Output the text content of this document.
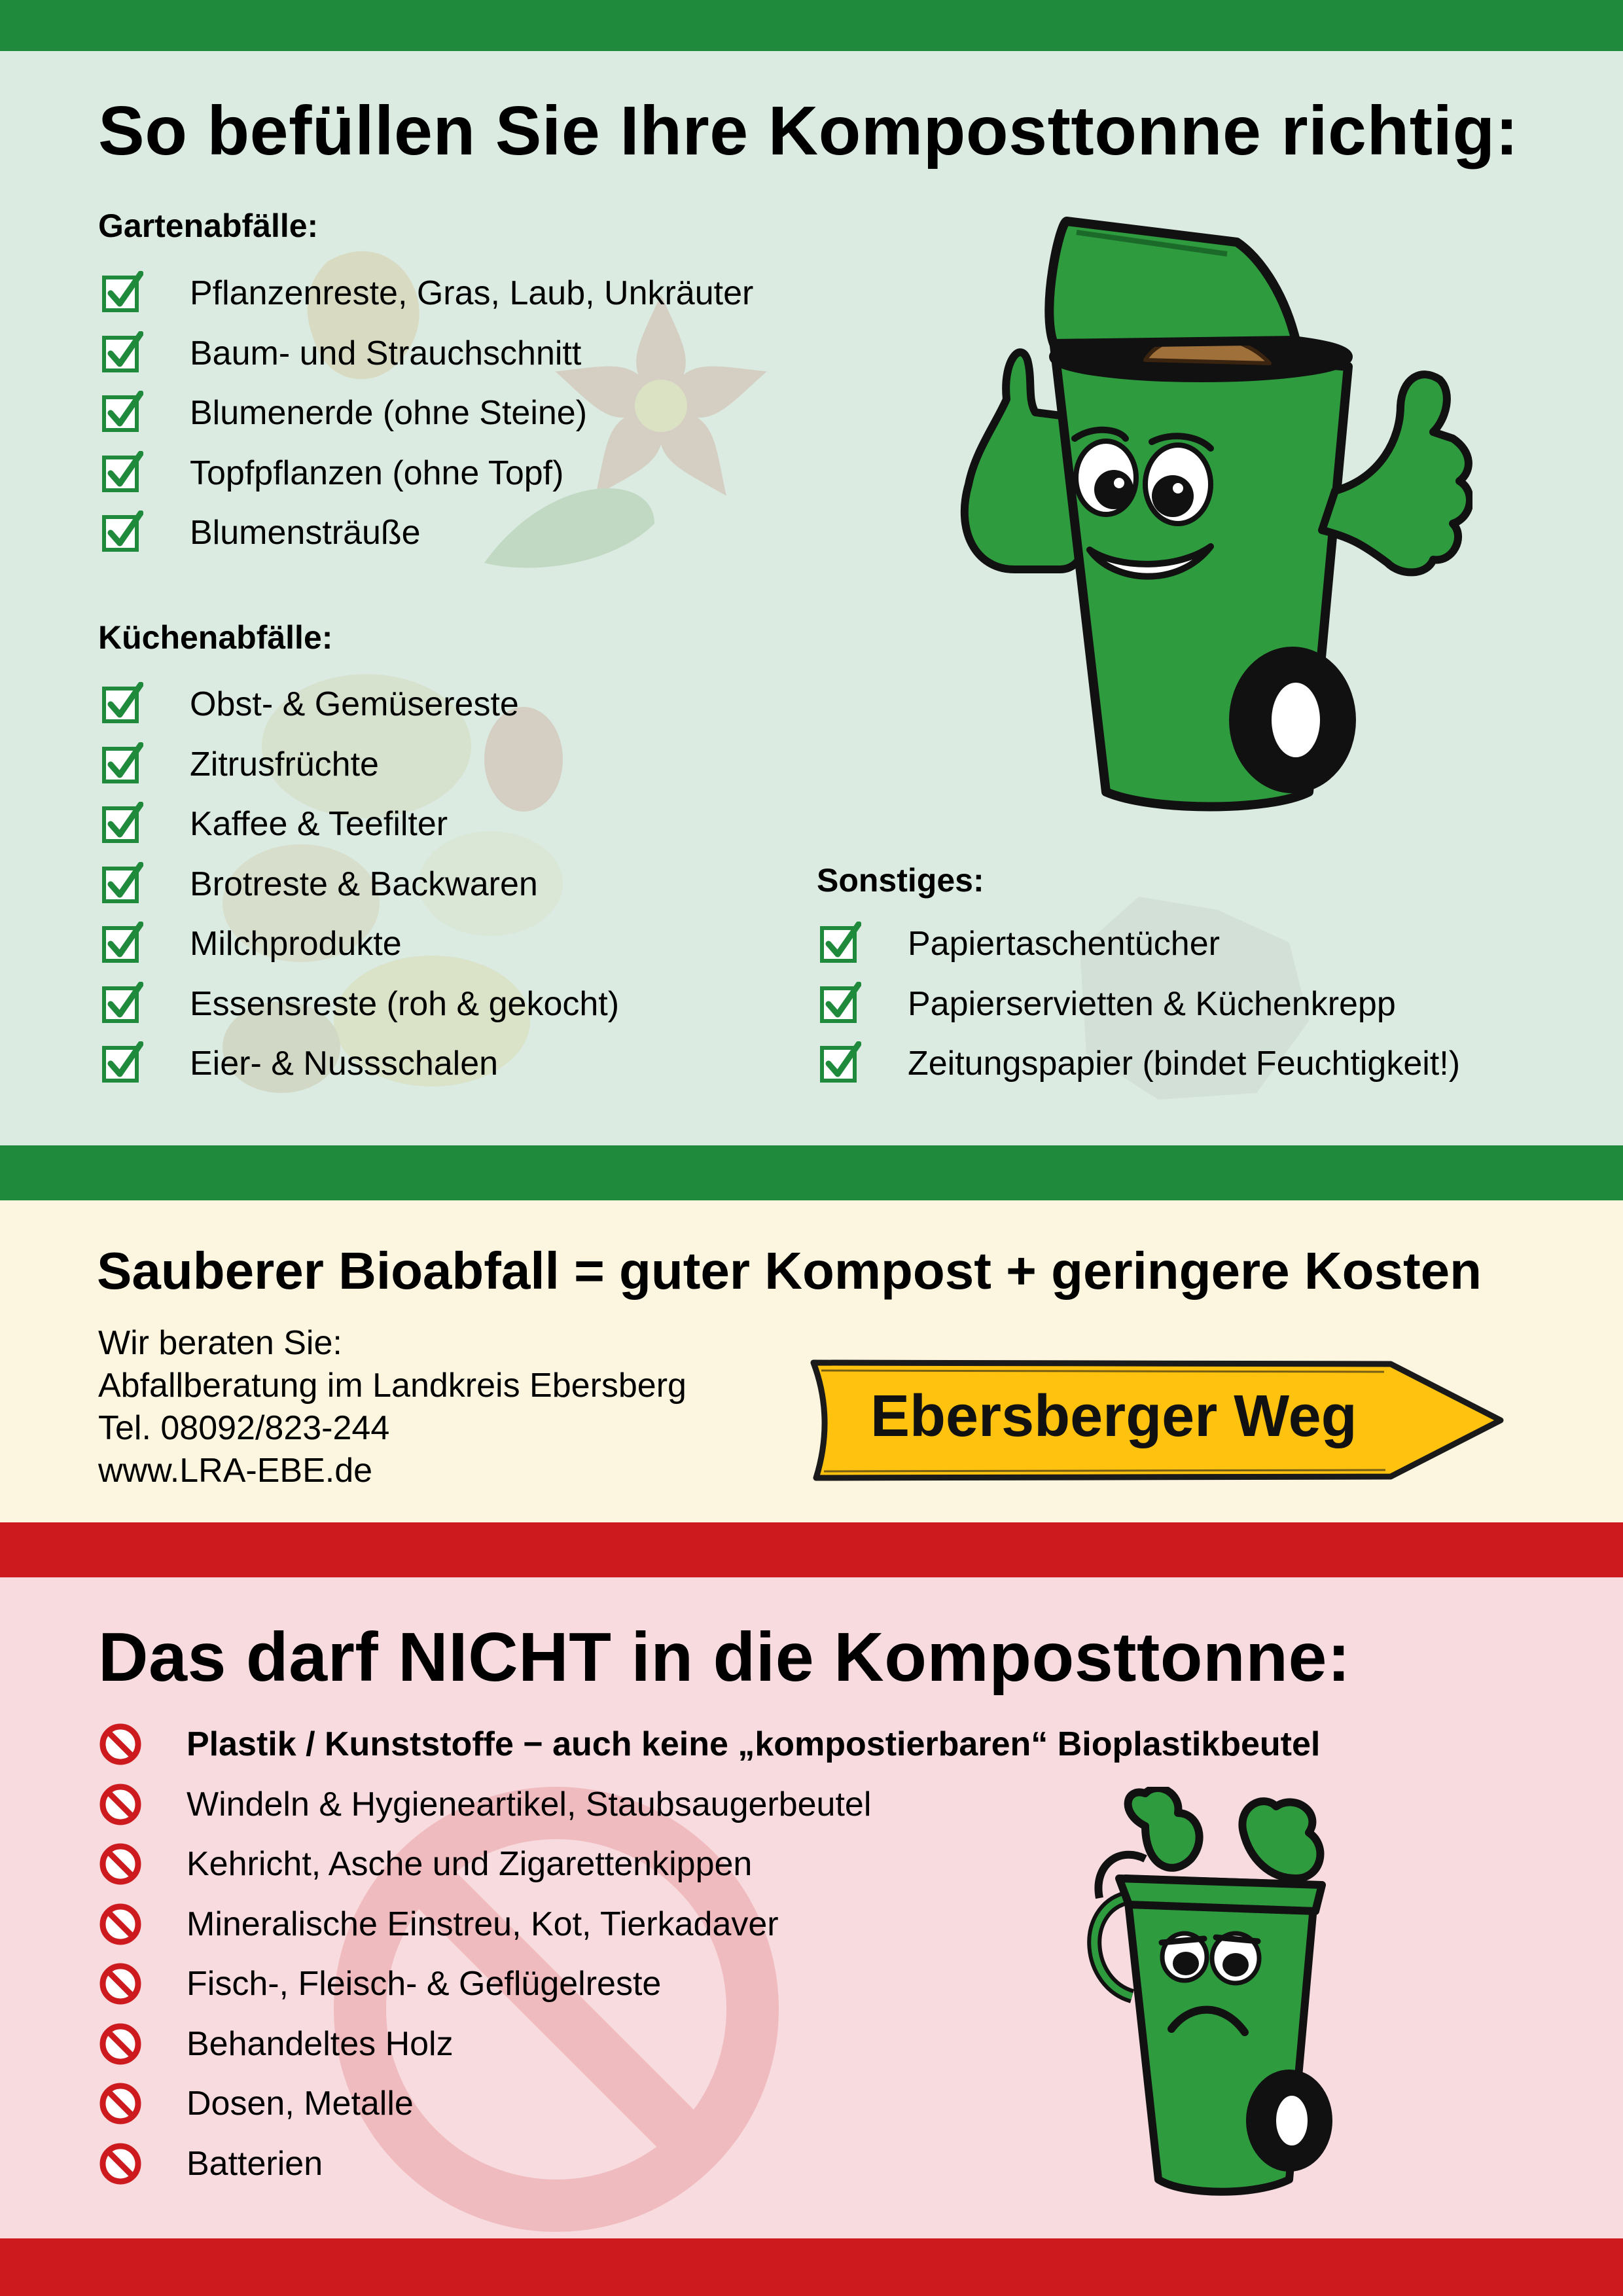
So befüllen Sie Ihre Komposttonne richtig:
Gartenabfälle:
Pflanzenreste, Gras, Laub, Unkräuter
Baum- und Strauchschnitt
Blumenerde (ohne Steine)
Topfpflanzen (ohne Topf)
Blumensträuße
Küchenabfälle:
Obst- & Gemüsereste
Zitrusfrüchte
Kaffee & Teefilter
Brotreste & Backwaren
Milchprodukte
Essensreste (roh & gekocht)
Eier- & Nussschalen
Sonstiges:
Papiertaschentücher
Papierservietten & Küchenkrepp
Zeitungspapier (bindet Feuchtigkeit!)
Sauberer Bioabfall = guter Kompost + geringere Kosten
Wir beraten Sie:
Abfallberatung im Landkreis Ebersberg
Tel. 08092/823-244
www.LRA-EBE.de
Ebersberger Weg
Das darf NICHT in die Komposttonne:
Plastik / Kunststoffe − auch keine „kompostierbaren“ Bioplastikbeutel
Windeln & Hygieneartikel, Staubsaugerbeutel
Kehricht, Asche und Zigarettenkippen
Mineralische Einstreu, Kot, Tierkadaver
Fisch-, Fleisch- & Geflügelreste
Behandeltes Holz
Dosen, Metalle
Batterien
